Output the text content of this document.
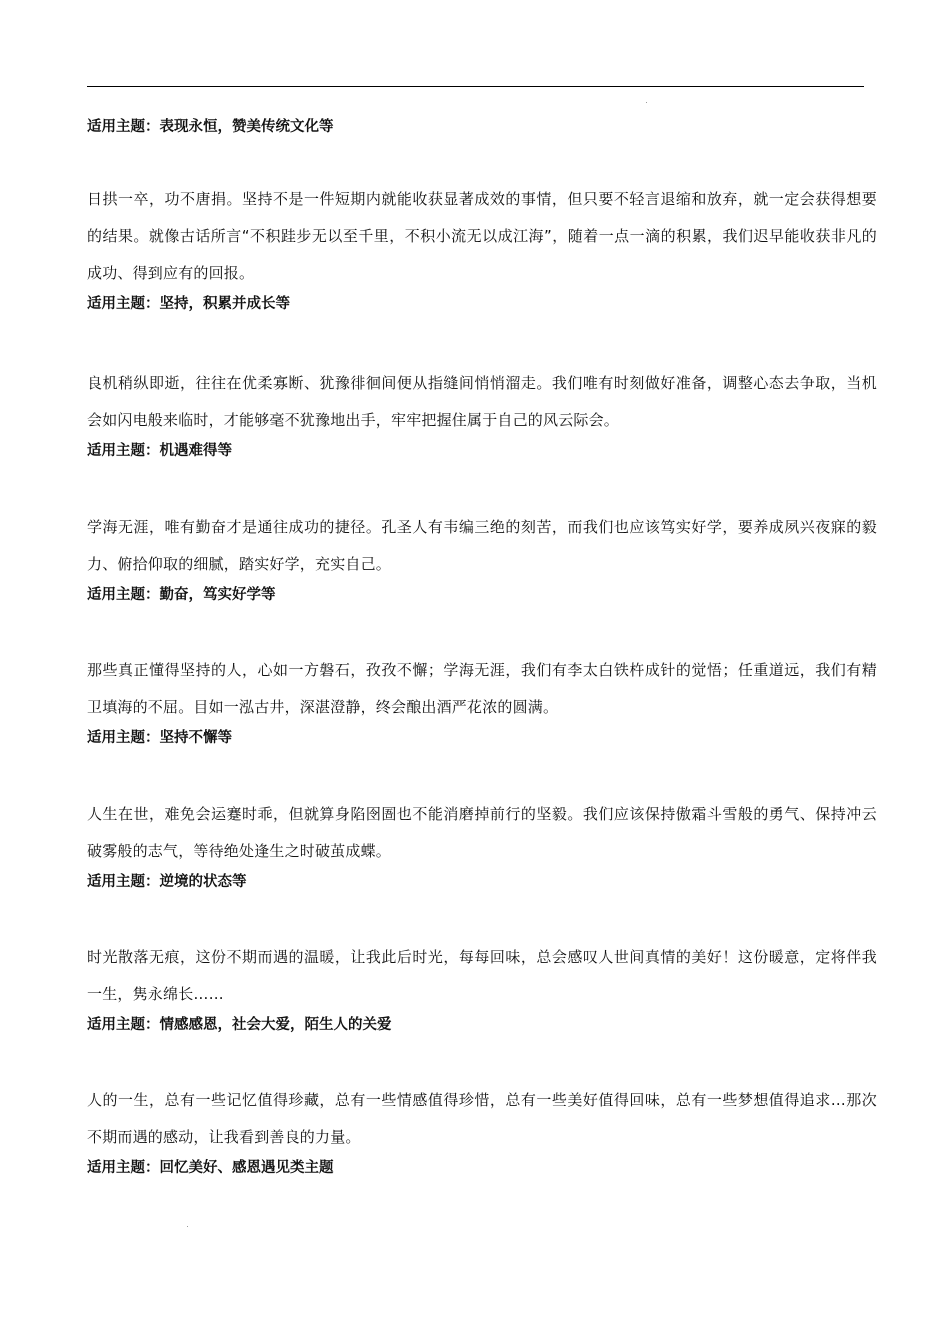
适用主题：表现永恒，赞美传统文化等

日拱一卒，功不唐捐。坚持不是一件短期内就能收获显著成效的事情，但只要不轻言退缩和放弃，就一定会获得想要的结果。就像古话所言“不积跬步无以至千里，不积小流无以成江海”，随着一点一滴的积累，我们迟早能收获非凡的成功、得到应有的回报。

适用主题：坚持，积累并成长等

良机稍纵即逝，往往在优柔寡断、犹豫徘徊间便从指缝间悄悄溜走。我们唯有时刻做好准备，调整心态去争取，当机会如闪电般来临时，才能够毫不犹豫地出手，牢牢把握住属于自己的风云际会。

适用主题：机遇难得等

学海无涯，唯有勤奋才是通往成功的捷径。孔圣人有韦编三绝的刻苦，而我们也应该笃实好学，要养成夙兴夜寐的毅力、俯拾仰取的细腻，踏实好学，充实自己。

适用主题：勤奋，笃实好学等

那些真正懂得坚持的人，心如一方磐石，孜孜不懈；学海无涯，我们有李太白铁杵成针的觉悟；任重道远，我们有精卫填海的不屈。目如一泓古井，深湛澄静，终会酿出酒严花浓的圆满。

适用主题：坚持不懈等

人生在世，难免会运蹇时乖，但就算身陷囹圄也不能消磨掉前行的坚毅。我们应该保持傲霜斗雪般的勇气、保持冲云破雾般的志气，等待绝处逢生之时破茧成蝶。

适用主题：逆境的状态等

时光散落无痕，这份不期而遇的温暖，让我此后时光，每每回味，总会感叹人世间真情的美好！这份暖意，定将伴我一生，隽永绵长……

适用主题：情感感恩，社会大爱，陌生人的关爱

人的一生，总有一些记忆值得珍藏，总有一些情感值得珍惜，总有一些美好值得回味，总有一些梦想值得追求…那次不期而遇的感动，让我看到善良的力量。

适用主题：回忆美好、感恩遇见类主题
